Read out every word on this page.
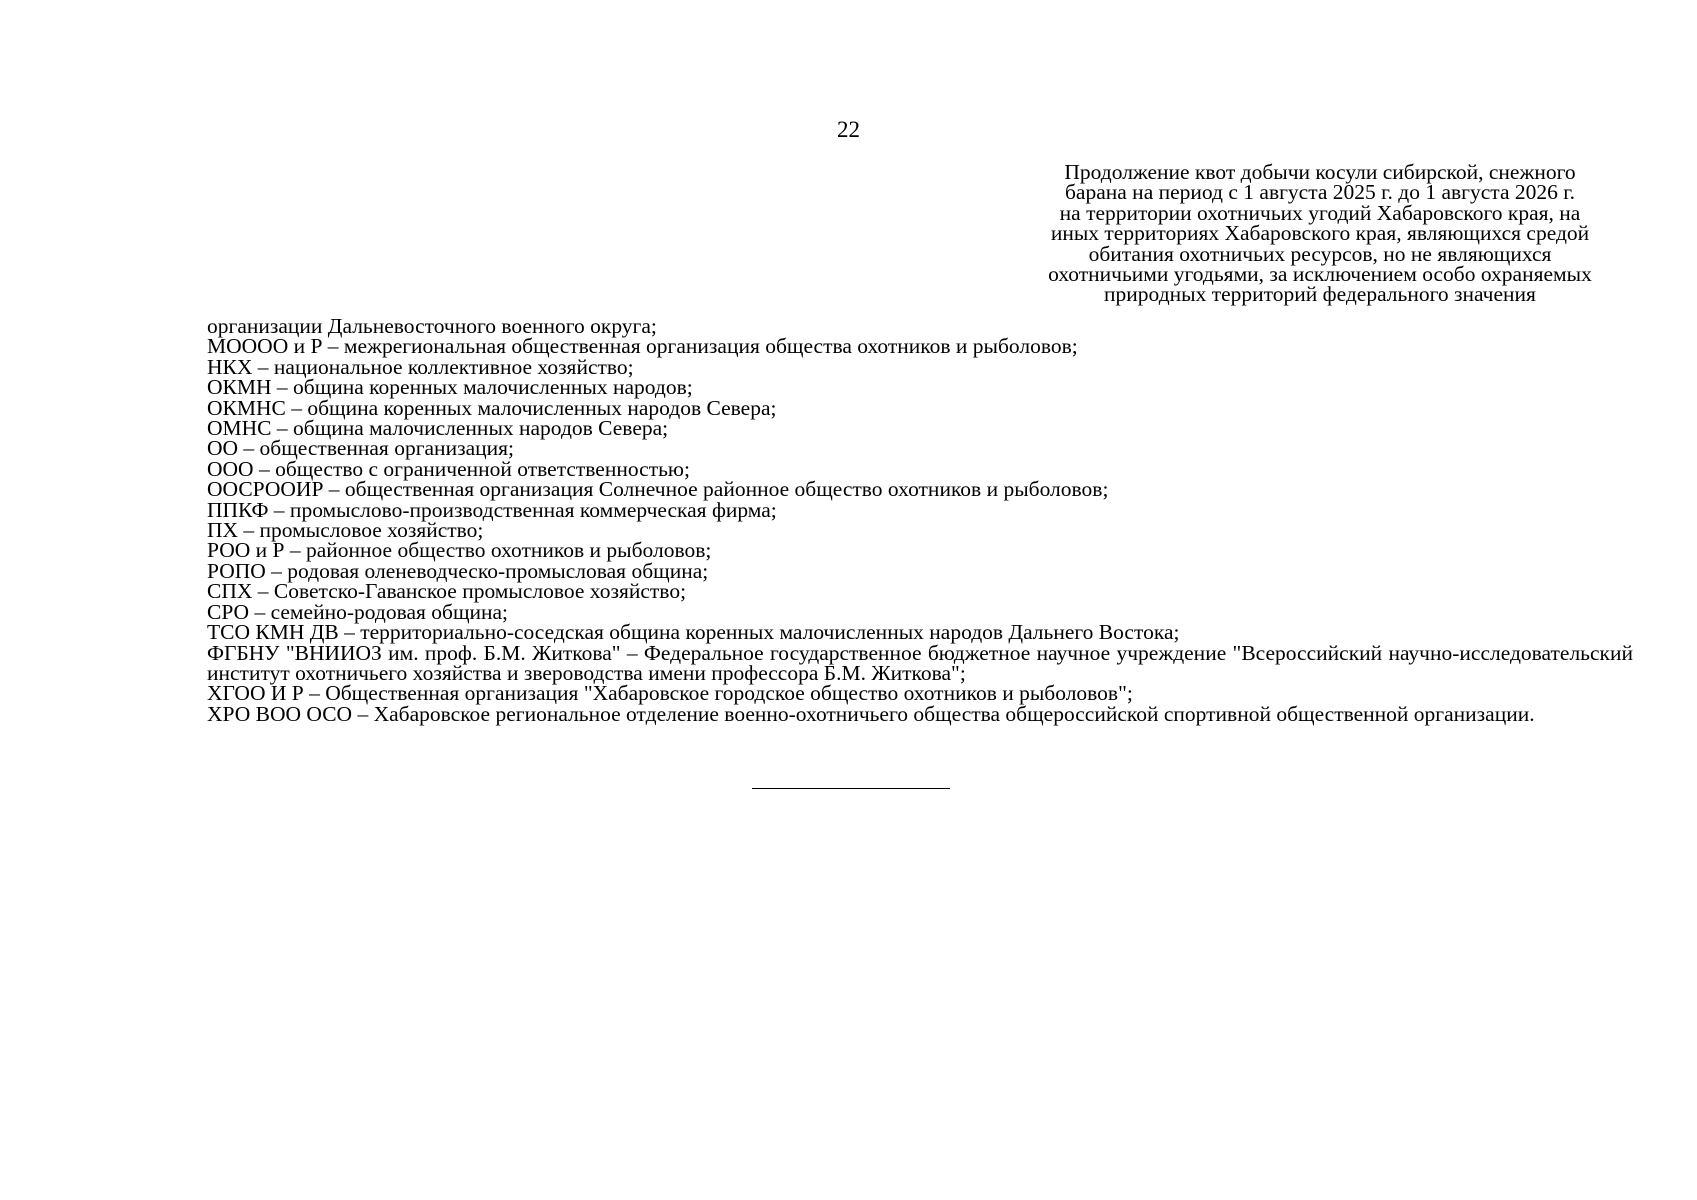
22
Продолжение квот добычи косули сибирской, снежного
барана на период с 1 августа 2025 г. до 1 августа 2026 г.
на территории охотничьих угодий Хабаровского края, на
иных территориях Хабаровского края, являющихся средой
обитания охотничьих ресурсов, но не являющихся
охотничьими угодьями, за исключением особо охраняемых
природных территорий федерального значения
организации Дальневосточного военного округа;
МОООО и Р – межрегиональная общественная организация общества охотников и рыболовов;
НКХ – национальное коллективное хозяйство;
ОКМН – община коренных малочисленных народов;
ОКМНС – община коренных малочисленных народов Севера;
ОМНС – община малочисленных народов Севера;
ОО – общественная организация;
ООО – общество с ограниченной ответственностью;
ООСРООИР – общественная организация Солнечное районное общество охотников и рыболовов;
ППКФ – промыслово-производственная коммерческая фирма;
ПХ – промысловое хозяйство;
РОО и Р – районное общество охотников и рыболовов;
РОПО – родовая оленеводческо-промысловая община;
СПХ – Советско-Гаванское промысловое хозяйство;
СРО – семейно-родовая община;
ТСО КМН ДВ – территориально-соседская община коренных малочисленных народов Дальнего Востока;
ФГБНУ "ВНИИОЗ им. проф. Б.М. Житкова" – Федеральное государственное бюджетное научное учреждение "Всероссийский научно-исследовательский институт охотничьего хозяйства и звероводства имени профессора Б.М. Житкова";
ХГОО И Р – Общественная организация "Хабаровское городское общество охотников и рыболовов";
ХРО ВОО ОСО – Хабаровское региональное отделение военно-охотничьего общества общероссийской спортивной общественной организации.
